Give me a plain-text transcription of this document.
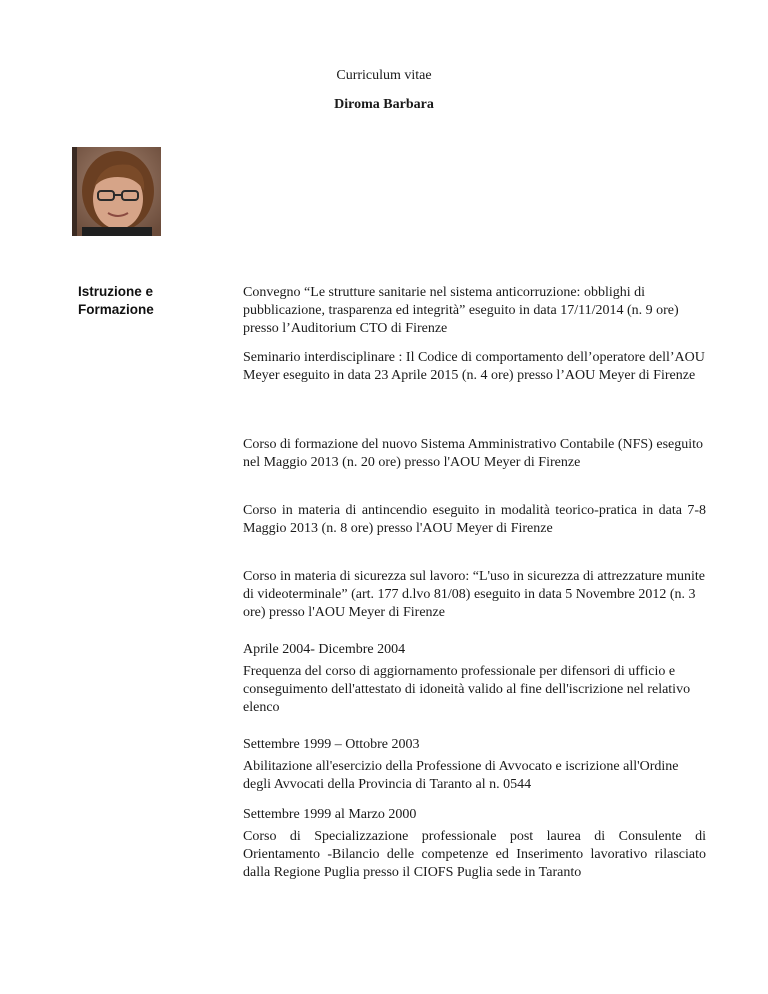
Curriculum vitae
Diroma Barbara
Istruzione e
Formazione

Convegno “Le strutture sanitarie nel sistema anticorruzione: obblighi di pubblicazione, trasparenza ed integrità” eseguito in data 17/11/2014 (n. 9 ore) presso l’Auditorium CTO di Firenze

Seminario interdisciplinare : Il Codice di comportamento dell’operatore dell’AOU Meyer eseguito in data 23 Aprile 2015 (n. 4 ore) presso l’AOU Meyer di Firenze

Corso di formazione del nuovo Sistema Amministrativo Contabile (NFS) eseguito nel Maggio 2013 (n. 20 ore) presso l'AOU Meyer di Firenze

Corso in materia di antincendio eseguito in modalità teorico-pratica in data 7-8 Maggio 2013 (n. 8 ore) presso l'AOU Meyer di Firenze

Corso in materia di sicurezza sul lavoro: “L'uso in sicurezza di attrezzature munite di videoterminale” (art. 177 d.lvo 81/08) eseguito in data 5 Novembre 2012 (n. 3 ore) presso l'AOU Meyer di Firenze

Aprile 2004- Dicembre 2004

Frequenza del corso di aggiornamento professionale per difensori di ufficio e conseguimento dell'attestato di idoneità valido al fine dell'iscrizione nel relativo elenco

Settembre 1999 – Ottobre 2003

Abilitazione all'esercizio della Professione di Avvocato e iscrizione all'Ordine degli Avvocati della Provincia di Taranto al n. 0544

Settembre 1999 al Marzo 2000

Corso di Specializzazione professionale post laurea di Consulente di Orientamento -Bilancio delle competenze ed Inserimento lavorativo rilasciato dalla Regione Puglia presso il CIOFS Puglia sede in Taranto
